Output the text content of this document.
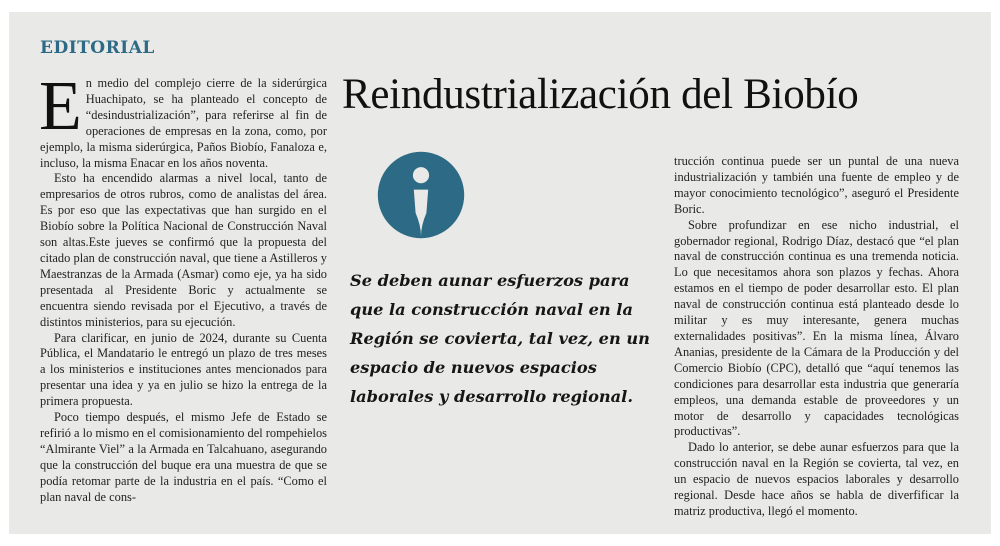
EDITORIAL
Reindustrialización del Biobío

En medio del complejo cierre de la siderúrgica Huachipato, se ha planteado el concepto de “desindustrialización”, para referirse al fin de operaciones de empresas en la zona, como, por ejemplo, la misma siderúrgica, Paños Biobío, Fanaloza e, incluso, la misma Enacar en los años noventa.

Esto ha encendido alarmas a nivel local, tanto de empresarios de otros rubros, como de analistas del área. Es por eso que las expectativas que han surgido en el Biobío sobre la Política Nacional de Construcción Naval son altas.Este jueves se confirmó que la propuesta del citado plan de construcción naval, que tiene a Astilleros y Maestranzas de la Armada (Asmar) como eje, ya ha sido presentada al Presidente Boric y actualmente se encuentra siendo revisada por el Ejecutivo, a través de distintos ministerios, para su ejecución.

Para clarificar, en junio de 2024, durante su Cuenta Pública, el Mandatario le entregó un plazo de tres meses a los ministerios e instituciones antes mencionados para presentar una idea y ya en julio se hizo la entrega de la primera propuesta.

Poco tiempo después, el mismo Jefe de Estado se refirió a lo mismo en el comisionamiento del rompehielos “Almirante Viel” a la Armada en Talcahuano, asegurando que la construcción del buque era una muestra de que se podía retomar parte de la industria en el país. “Como el plan naval de cons-

Se deben aunar esfuerzos para que la construcción naval en la Región se covierta, tal vez, en un espacio de nuevos espacios laborales y desarrollo regional.

trucción continua puede ser un puntal de una nueva industrialización y también una fuente de empleo y de mayor conocimiento tecnológico”, aseguró el Presidente Boric.

Sobre profundizar en ese nicho industrial, el gobernador regional, Rodrigo Díaz, destacó que “el plan naval de construcción continua es una tremenda noticia. Lo que necesitamos ahora son plazos y fechas. Ahora estamos en el tiempo de poder desarrollar esto. El plan naval de construcción continua está planteado desde lo militar y es muy interesante, genera muchas externalidades positivas”. En la misma línea, Álvaro Ananias, presidente de la Cámara de la Producción y del Comercio Biobío (CPC), detalló que “aquí tenemos las condiciones para desarrollar esta industria que generaría empleos, una demanda estable de proveedores y un motor de desarrollo y capacidades tecnológicas productivas”.

Dado lo anterior, se debe aunar esfuerzos para que la construcción naval en la Región se covierta, tal vez, en un espacio de nuevos espacios laborales y desarrollo regional. Desde hace años se habla de diverfificar la matriz productiva, llegó el momento.
